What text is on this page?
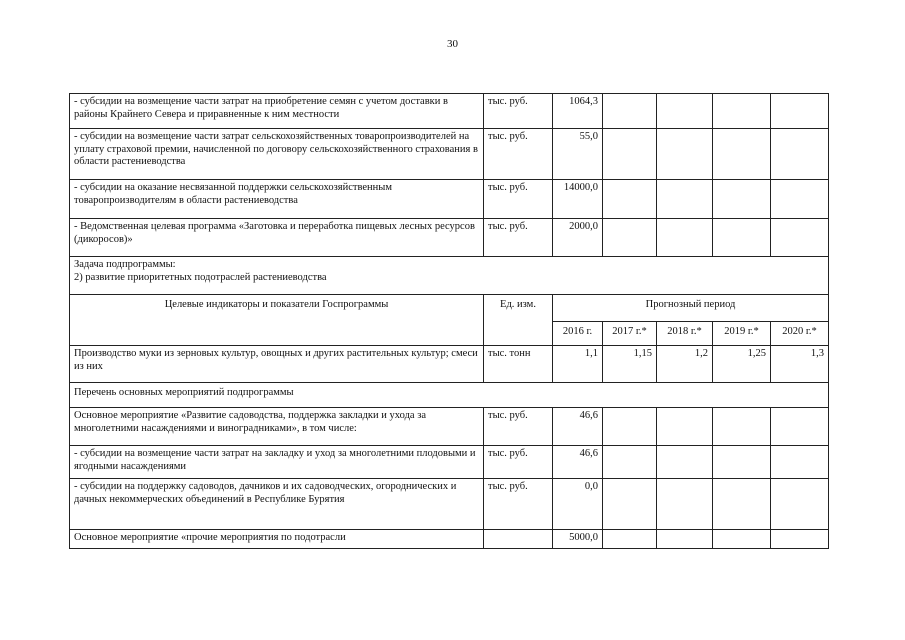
30
- субсидии на возмещение части затрат на приобретение семян с учетом доставки в районы Крайнего Севера и приравненные к ним местности	тыс. руб.	1064,3				
- субсидии на возмещение части затрат сельскохозяйственных товаропроизводителей на уплату страховой премии, начисленной по договору сельскохозяйственного страхования в области растениеводства	тыс. руб.	55,0				
- субсидии на оказание несвязанной поддержки сельскохозяйственным товаропроизводителям в области растениеводства	тыс. руб.	14000,0				
- Ведомственная целевая программа «Заготовка и переработка пищевых лесных ресурсов (дикоросов)»	тыс. руб.	2000,0				

Задача подпрограммы:
2) развитие приоритетных подотраслей растениеводства						

Целевые индикаторы и показатели Госпрограммы	Ед. изм.	Прогнозный период				
		2016 г.	2017 г.*	2018 г.*	2019 г.*	2020 г.*
Производство муки из зерновых культур, овощных и других растительных культур; смеси из них	тыс. тонн	1,1	1,15	1,2	1,25	1,3
Перечень основных мероприятий подпрограммы						
Основное мероприятие «Развитие садоводства, поддержка закладки и ухода за многолетними насаждениями и виноградниками», в том числе:	тыс. руб.	46,6				
- субсидии на возмещение части затрат на закладку и уход за многолетними плодовыми и ягодными насаждениями	тыс. руб.	46,6				
- субсидии на поддержку садоводов, дачников и их садоводческих, огороднических и дачных некоммерческих объединений в Республике Бурятия	тыс. руб.	0,0				
Основное мероприятие «прочие мероприятия по подотрасли		5000,0				
